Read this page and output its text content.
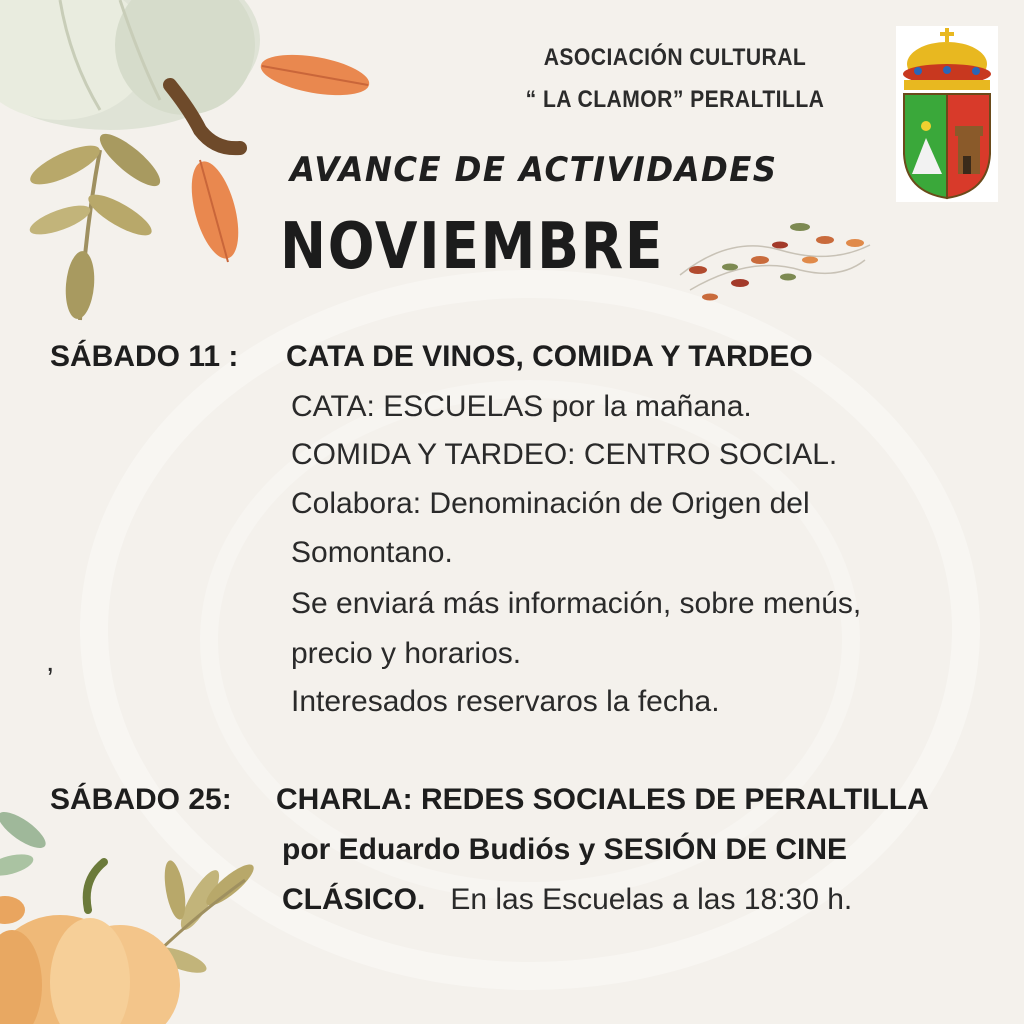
ASOCIACIÓN CULTURAL
“ LA CLAMOR” PERALTILLA
AVANCE DE ACTIVIDADES
NOVIEMBRE
SÁBADO 11 : CATA DE VINOS, COMIDA Y TARDEO
CATA: ESCUELAS por la mañana.
COMIDA Y TARDEO: CENTRO SOCIAL.
Colabora: Denominación de Origen del
Somontano.
Se enviará más información, sobre menús,
precio y horarios.
Interesados reservaros la fecha.
,
SÁBADO 25: CHARLA: REDES SOCIALES DE PERALTILLA
por Eduardo Budiós y SESIÓN DE CINE
CLÁSICO.   En las Escuelas a las 18:30 h.
